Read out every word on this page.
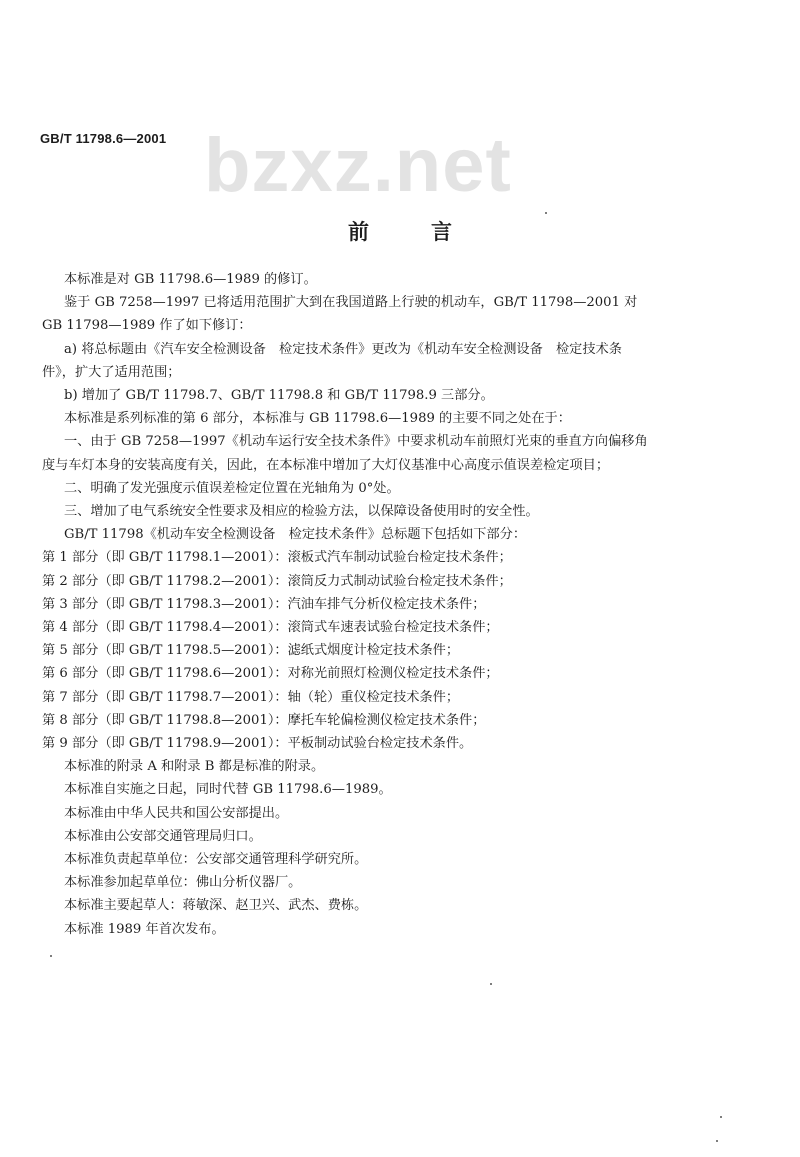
GB/T 11798.6—2001 bzxz.net
前言

本标准是对 GB 11798.6—1989 的修订。

鉴于 GB 7258—1997 已将适用范围扩大到在我国道路上行驶的机动车，GB/T 11798—2001 对

GB 11798—1989 作了如下修订：

a) 将总标题由《汽车安全检测设备　检定技术条件》更改为《机动车安全检测设备　检定技术条

件》，扩大了适用范围；

b) 增加了 GB/T 11798.7、GB/T 11798.8 和 GB/T 11798.9 三部分。

本标准是系列标准的第 6 部分，本标准与 GB 11798.6—1989 的主要不同之处在于：

一、由于 GB 7258—1997《机动车运行安全技术条件》中要求机动车前照灯光束的垂直方向偏移角

度与车灯本身的安装高度有关，因此，在本标准中增加了大灯仪基准中心高度示值误差检定项目；

二、明确了发光强度示值误差检定位置在光轴角为 0°处。

三、增加了电气系统安全性要求及相应的检验方法，以保障设备使用时的安全性。

GB/T 11798《机动车安全检测设备　检定技术条件》总标题下包括如下部分：

第 1 部分（即 GB/T 11798.1—2001）：滚板式汽车制动试验台检定技术条件；

第 2 部分（即 GB/T 11798.2—2001）：滚筒反力式制动试验台检定技术条件；

第 3 部分（即 GB/T 11798.3—2001）：汽油车排气分析仪检定技术条件；

第 4 部分（即 GB/T 11798.4—2001）：滚筒式车速表试验台检定技术条件；

第 5 部分（即 GB/T 11798.5—2001）：滤纸式烟度计检定技术条件；

第 6 部分（即 GB/T 11798.6—2001）：对称光前照灯检测仪检定技术条件；

第 7 部分（即 GB/T 11798.7—2001）：轴（轮）重仪检定技术条件；

第 8 部分（即 GB/T 11798.8—2001）：摩托车轮偏检测仪检定技术条件；

第 9 部分（即 GB/T 11798.9—2001）：平板制动试验台检定技术条件。

本标准的附录 A 和附录 B 都是标准的附录。

本标准自实施之日起，同时代替 GB 11798.6—1989。

本标准由中华人民共和国公安部提出。

本标准由公安部交通管理局归口。

本标准负责起草单位：公安部交通管理科学研究所。

本标准参加起草单位：佛山分析仪器厂。

本标准主要起草人：蒋敏深、赵卫兴、武杰、费栋。

本标准 1989 年首次发布。
